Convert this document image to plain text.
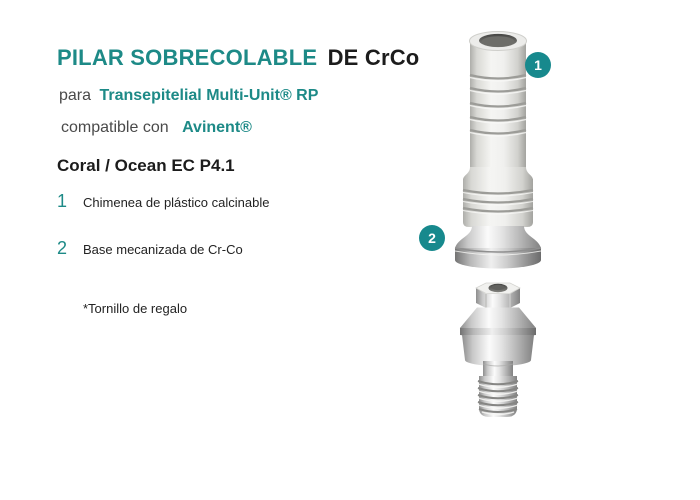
PILAR SOBRECOLABLE DE CrCo

para Transepitelial Multi-Unit® RP

compatible con Avinent®

Coral / Ocean EC P4.1

1	Chimenea de plástico calcinable
2	Base mecanizada de Cr-Co

*Tornillo de regalo

1
2
